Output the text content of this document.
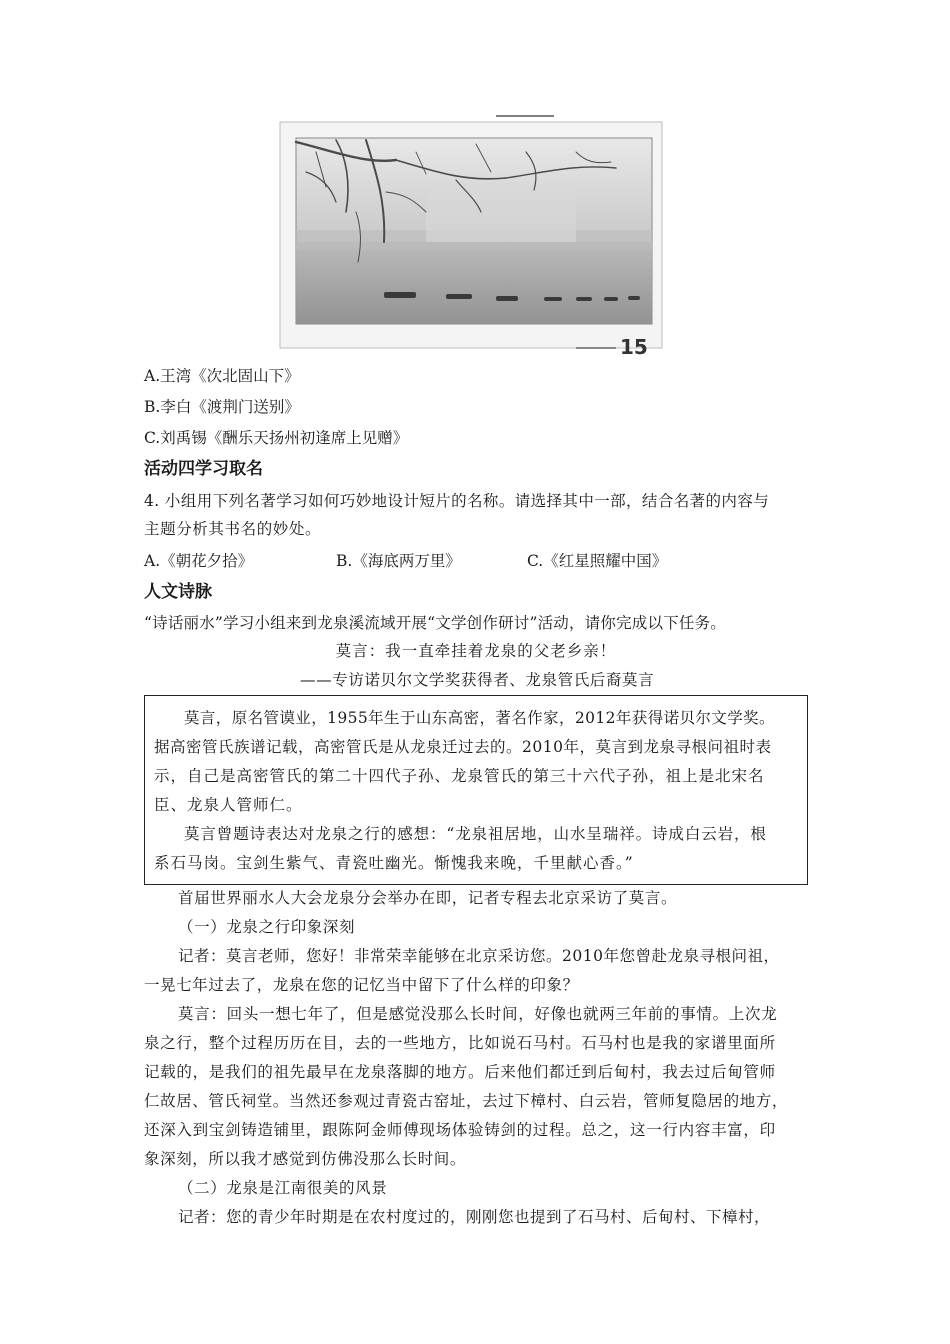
15
A.王湾《次北固山下》
B.李白《渡荆门送别》
C.刘禹锡《酬乐天扬州初逢席上见赠》
活动四学习取名
4. 小组用下列名著学习如何巧妙地设计短片的名称。请选择其中一部，结合名著的内容与
主题分析其书名的妙处。
A.《朝花夕拾》	B.《海底两万里》	C.《红星照耀中国》
人文诗脉
“诗话丽水”学习小组来到龙泉溪流域开展“文学创作研讨”活动，请你完成以下任务。
莫言：我一直牵挂着龙泉的父老乡亲！
——专访诺贝尔文学奖获得者、龙泉管氏后裔莫言
莫言，原名管谟业，1955年生于山东高密，著名作家，2012年获得诺贝尔文学奖。
据高密管氏族谱记载，高密管氏是从龙泉迁过去的。2010年，莫言到龙泉寻根问祖时表
示，自己是高密管氏的第二十四代子孙、龙泉管氏的第三十六代子孙，祖上是北宋名
臣、龙泉人管师仁。
莫言曾题诗表达对龙泉之行的感想：“龙泉祖居地，山水呈瑞祥。诗成白云岩，根
系石马岗。宝剑生紫气、青瓷吐幽光。惭愧我来晚，千里献心香。”
首届世界丽水人大会龙泉分会举办在即，记者专程去北京采访了莫言。
（一）龙泉之行印象深刻
记者：莫言老师，您好！非常荣幸能够在北京采访您。2010年您曾赴龙泉寻根问祖，
一晃七年过去了，龙泉在您的记忆当中留下了什么样的印象？
莫言：回头一想七年了，但是感觉没那么长时间，好像也就两三年前的事情。上次龙
泉之行，整个过程历历在目，去的一些地方，比如说石马村。石马村也是我的家谱里面所
记载的，是我们的祖先最早在龙泉落脚的地方。后来他们都迁到后甸村，我去过后甸管师
仁故居、管氏祠堂。当然还参观过青瓷古窑址，去过下樟村、白云岩，管师复隐居的地方，
还深入到宝剑铸造铺里，跟陈阿金师傅现场体验铸剑的过程。总之，这一行内容丰富，印
象深刻，所以我才感觉到仿佛没那么长时间。
（二）龙泉是江南很美的风景
记者：您的青少年时期是在农村度过的，刚刚您也提到了石马村、后甸村、下樟村，
